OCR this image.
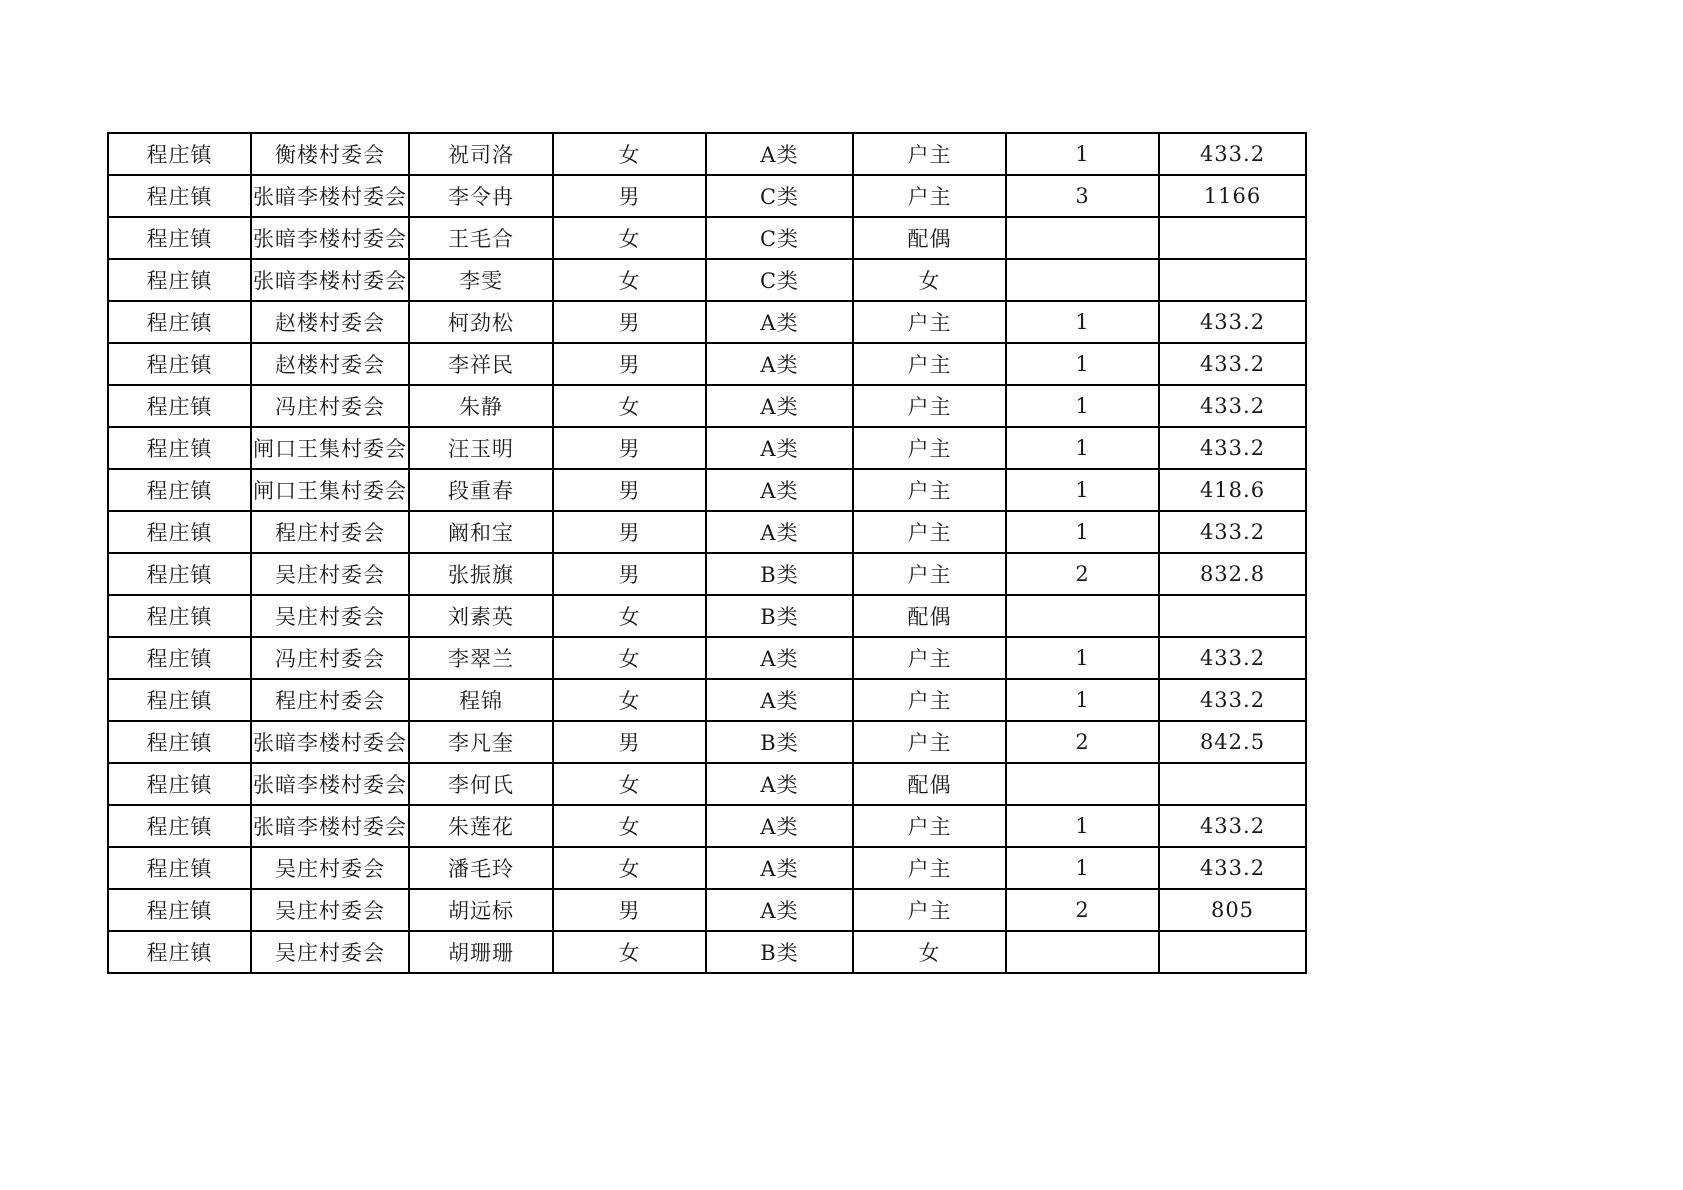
程庄镇	衡楼村委会	祝司洛	女	A类	户主	1	433.2
程庄镇	张暗李楼村委会	李令冉	男	C类	户主	3	1166
程庄镇	张暗李楼村委会	王毛合	女	C类	配偶		
程庄镇	张暗李楼村委会	李雯	女	C类	女		
程庄镇	赵楼村委会	柯劲松	男	A类	户主	1	433.2
程庄镇	赵楼村委会	李祥民	男	A类	户主	1	433.2
程庄镇	冯庄村委会	朱静	女	A类	户主	1	433.2
程庄镇	闸口王集村委会	汪玉明	男	A类	户主	1	433.2
程庄镇	闸口王集村委会	段重春	男	A类	户主	1	418.6
程庄镇	程庄村委会	阚和宝	男	A类	户主	1	433.2
程庄镇	吴庄村委会	张振旗	男	B类	户主	2	832.8
程庄镇	吴庄村委会	刘素英	女	B类	配偶		
程庄镇	冯庄村委会	李翠兰	女	A类	户主	1	433.2
程庄镇	程庄村委会	程锦	女	A类	户主	1	433.2
程庄镇	张暗李楼村委会	李凡奎	男	B类	户主	2	842.5
程庄镇	张暗李楼村委会	李何氏	女	A类	配偶		
程庄镇	张暗李楼村委会	朱莲花	女	A类	户主	1	433.2
程庄镇	吴庄村委会	潘毛玲	女	A类	户主	1	433.2
程庄镇	吴庄村委会	胡远标	男	A类	户主	2	805
程庄镇	吴庄村委会	胡珊珊	女	B类	女		
